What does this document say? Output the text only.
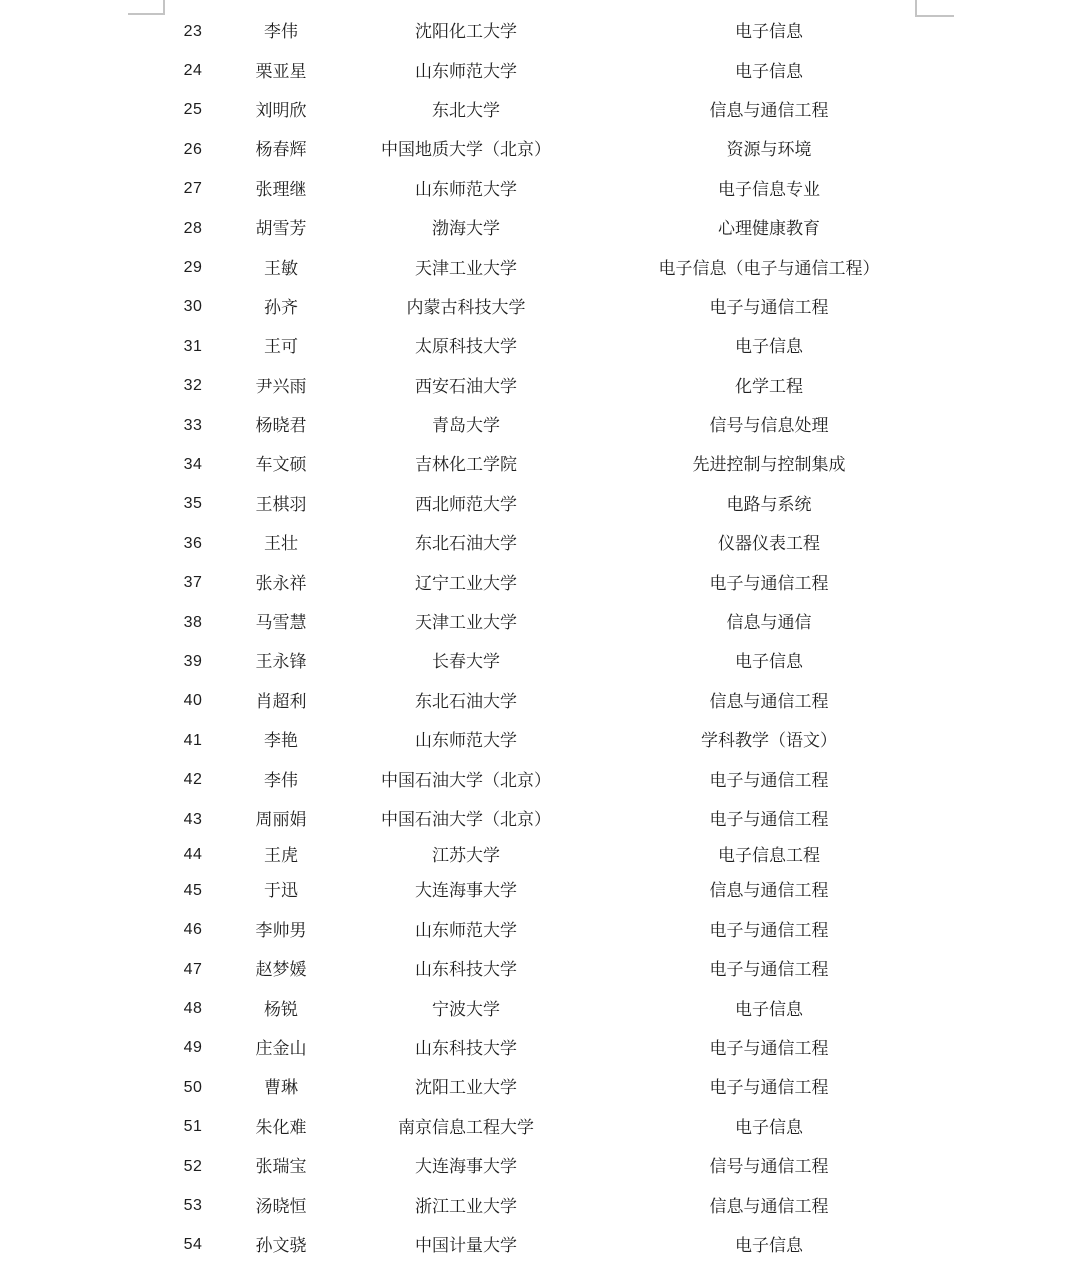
23	李伟	沈阳化工大学	电子信息
24	栗亚星	山东师范大学	电子信息
25	刘明欣	东北大学	信息与通信工程
26	杨春辉	中国地质大学（北京）	资源与环境
27	张理继	山东师范大学	电子信息专业
28	胡雪芳	渤海大学	心理健康教育
29	王敏	天津工业大学	电子信息（电子与通信工程）
30	孙齐	内蒙古科技大学	电子与通信工程
31	王可	太原科技大学	电子信息
32	尹兴雨	西安石油大学	化学工程
33	杨晓君	青岛大学	信号与信息处理
34	车文硕	吉林化工学院	先进控制与控制集成
35	王棋羽	西北师范大学	电路与系统
36	王壮	东北石油大学	仪器仪表工程
37	张永祥	辽宁工业大学	电子与通信工程
38	马雪慧	天津工业大学	信息与通信
39	王永锋	长春大学	电子信息
40	肖超利	东北石油大学	信息与通信工程
41	李艳	山东师范大学	学科教学（语文）
42	李伟	中国石油大学（北京）	电子与通信工程
43	周丽娟	中国石油大学（北京）	电子与通信工程
44	王虎	江苏大学	电子信息工程
45	于迅	大连海事大学	信息与通信工程
46	李帅男	山东师范大学	电子与通信工程
47	赵梦媛	山东科技大学	电子与通信工程
48	杨锐	宁波大学	电子信息
49	庄金山	山东科技大学	电子与通信工程
50	曹琳	沈阳工业大学	电子与通信工程
51	朱化难	南京信息工程大学	电子信息
52	张瑞宝	大连海事大学	信号与通信工程
53	汤晓恒	浙江工业大学	信息与通信工程
54	孙文骁	中国计量大学	电子信息
